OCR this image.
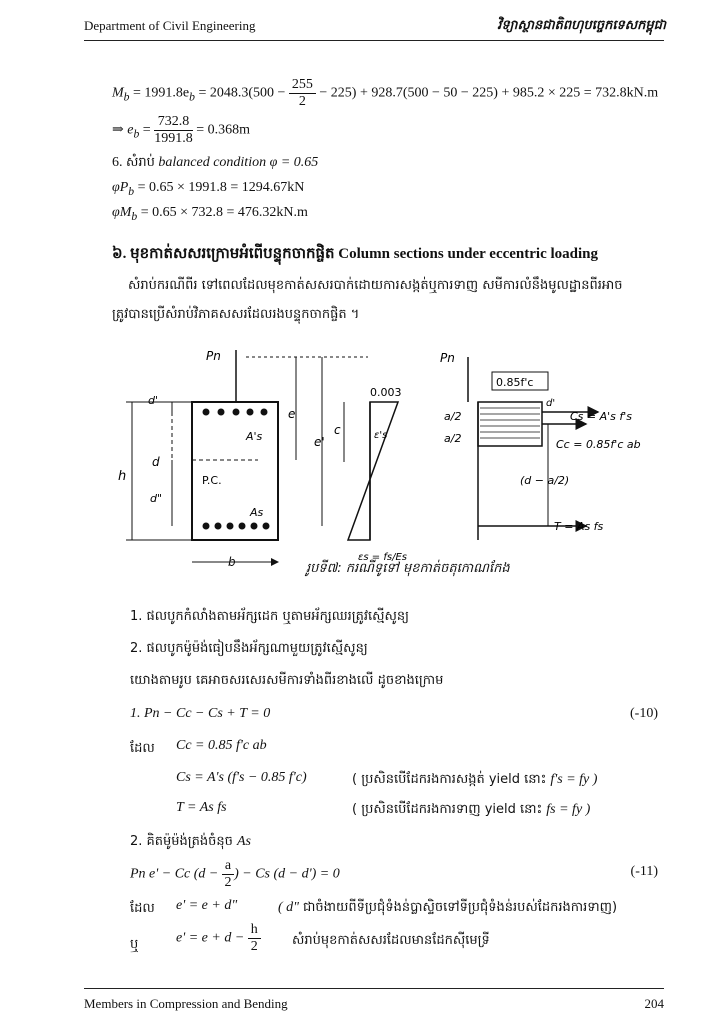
Department of Civil Engineering	វិទ្យាស្ថានជាតិពហុបច្ចេកទេសកម្ពុជា
$M_b = 1991.8e_b = 2048.3(500 - \frac{255}{2} - 225) + 928.7(500 - 50 - 225) + 985.2 \times 225 = 732.8kN.m$
⇒ $e_b = \frac{732.8}{1991.8} = 0.368m$
6. សំរាប់ balanced condition φ = 0.65
$\varphi P_b = 0.65 \times 1991.8 = 1294.67kN$
$\varphi M_b = 0.65 \times 732.8 = 476.32kN.m$
៦. មុខកាត់សសរក្រោមអំពើបន្ទុកចាកផ្ចិត Column sections under eccentric loading
សំរាប់ករណីពីរ ទៅពេលដែលមុខកាត់សសរបាក់ដោយការសង្កត់ឬការទាញ សមីការលំនឹងមូលដ្ឋានពីរអាច
ត្រូវបានប្រើសំរាប់វិភាគសសរដែលរងបន្ទុកចាកផ្ចិត ។
Pn
d'
d
h
d"
A's
P.C.
As
b
e
e'
0.003
ε's
c
εs = fs/Es
Pn
0.85f'c
a/2
a/2
d'
Cs = A's f's
Cc = 0.85f'c ab
(d − a/2)
T = As fs
រូបទី៧: ករណីទូទៅ មុខកាត់ចតុកោណកែង
1. ផលបូកកំលាំងតាមអ័ក្សដេក ឬតាមអ័ក្សឈរត្រូវស្មើសូន្យ
2. ផលបូកម៉ូម៉ង់ធៀបនឹងអ័ក្សណាមួយត្រូវស្មើសូន្យ
យោងតាមរូប គេអាចសរសេរសមីការទាំងពីរខាងលើ ដូចខាងក្រោម
1. Pn − Cc − Cs + T = 0	(-10)
ដែល Cc = 0.85 f'c ab
Cs = A's (f's − 0.85 f'c)	( ប្រសិនបើដែករងការសង្កត់ yield នោះ f's = fy )
T = As fs	( ប្រសិនបើដែករងការទាញ yield នោះ fs = fy )
2. គិតម៉ូម៉ង់ត្រង់ចំនុច As
Pn e' − Cc ($d - \frac{a}{2}$ ) − Cs (d − d') = 0	(-11)
ដែល e' = e + d"	( d" ជាចំងាយពីទីប្រជុំទំងន់ប្លាស្ទិចទៅទីប្រជុំទំងន់របស់ដែករងការទាញ)
ឬ	$e' = e + d - \frac{h}{2}$ សំរាប់មុខកាត់សសរដែលមានដែកស៊ីមេទ្រី
Members in Compression and Bending	204
